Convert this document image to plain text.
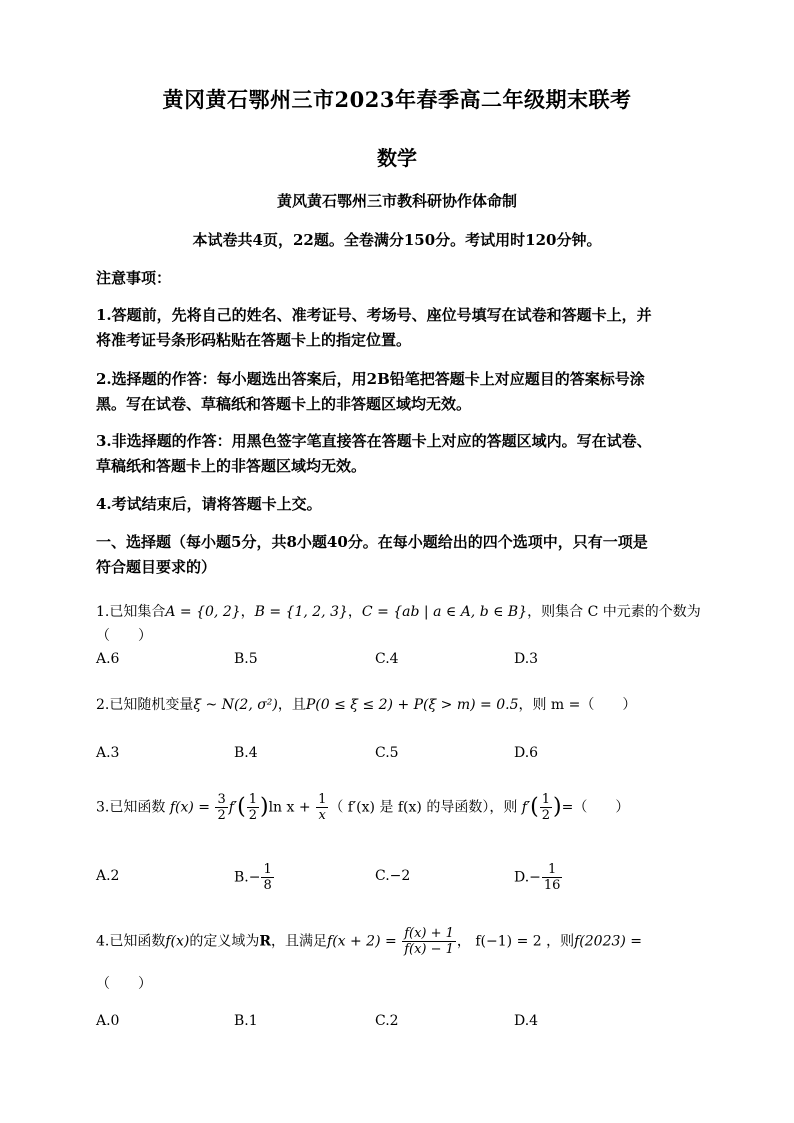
黄冈黄石鄂州三市2023年春季高二年级期末联考
数学
黄风黄石鄂州三市教科研协作体命制
本试卷共4页，22题。全卷满分150分。考试用时120分钟。
注意事项：
1.答题前，先将自己的姓名、准考证号、考场号、座位号填写在试卷和答题卡上，并
将准考证号条形码粘贴在答题卡上的指定位置。
2.选择题的作答：每小题选出答案后，用2B铅笔把答题卡上对应题目的答案标号涂
黑。写在试卷、草稿纸和答题卡上的非答题区域均无效。
3.非选择题的作答：用黑色签字笔直接答在答题卡上对应的答题区域内。写在试卷、
草稿纸和答题卡上的非答题区域均无效。
4.考试结束后，请将答题卡上交。
一、选择题（每小题5分，共8小题40分。在每小题给出的四个选项中，只有一项是
符合题目要求的）
1.已知集合A = {0, 2}，B = {1, 2, 3}，C = {ab | a ∈ A, b ∈ B}，则集合 C 中元素的个数为（　　）
A.6	B.5	C.4	D.3
2.已知随机变量ξ ~ N(2, σ²)，且P(0 ≤ ξ ≤ 2) + P(ξ > m) = 0.5，则 m =（　　）
A.3	B.4	C.5	D.6
3.已知函数 $f(x) = \frac{3}{2} f'( \frac{1}{2} )\ln$ $x + \frac{1}{x}$ （ f′(x) 是 f(x) 的导函数），则 $f'( \frac{1}{2}$ )=（　　）
A.2	$B.- \frac{1}{8}$	C.−2	$D.- \frac{1}{16}$
4.已知函数f(x)的定义域为R，且满足$f(x + 2) = \frac{f(x) + 1}{f(x) - 1}$ ， f(−1) = 2 ，则f(2023) =
（　　）
A.0	B.1	C.2	D.4
